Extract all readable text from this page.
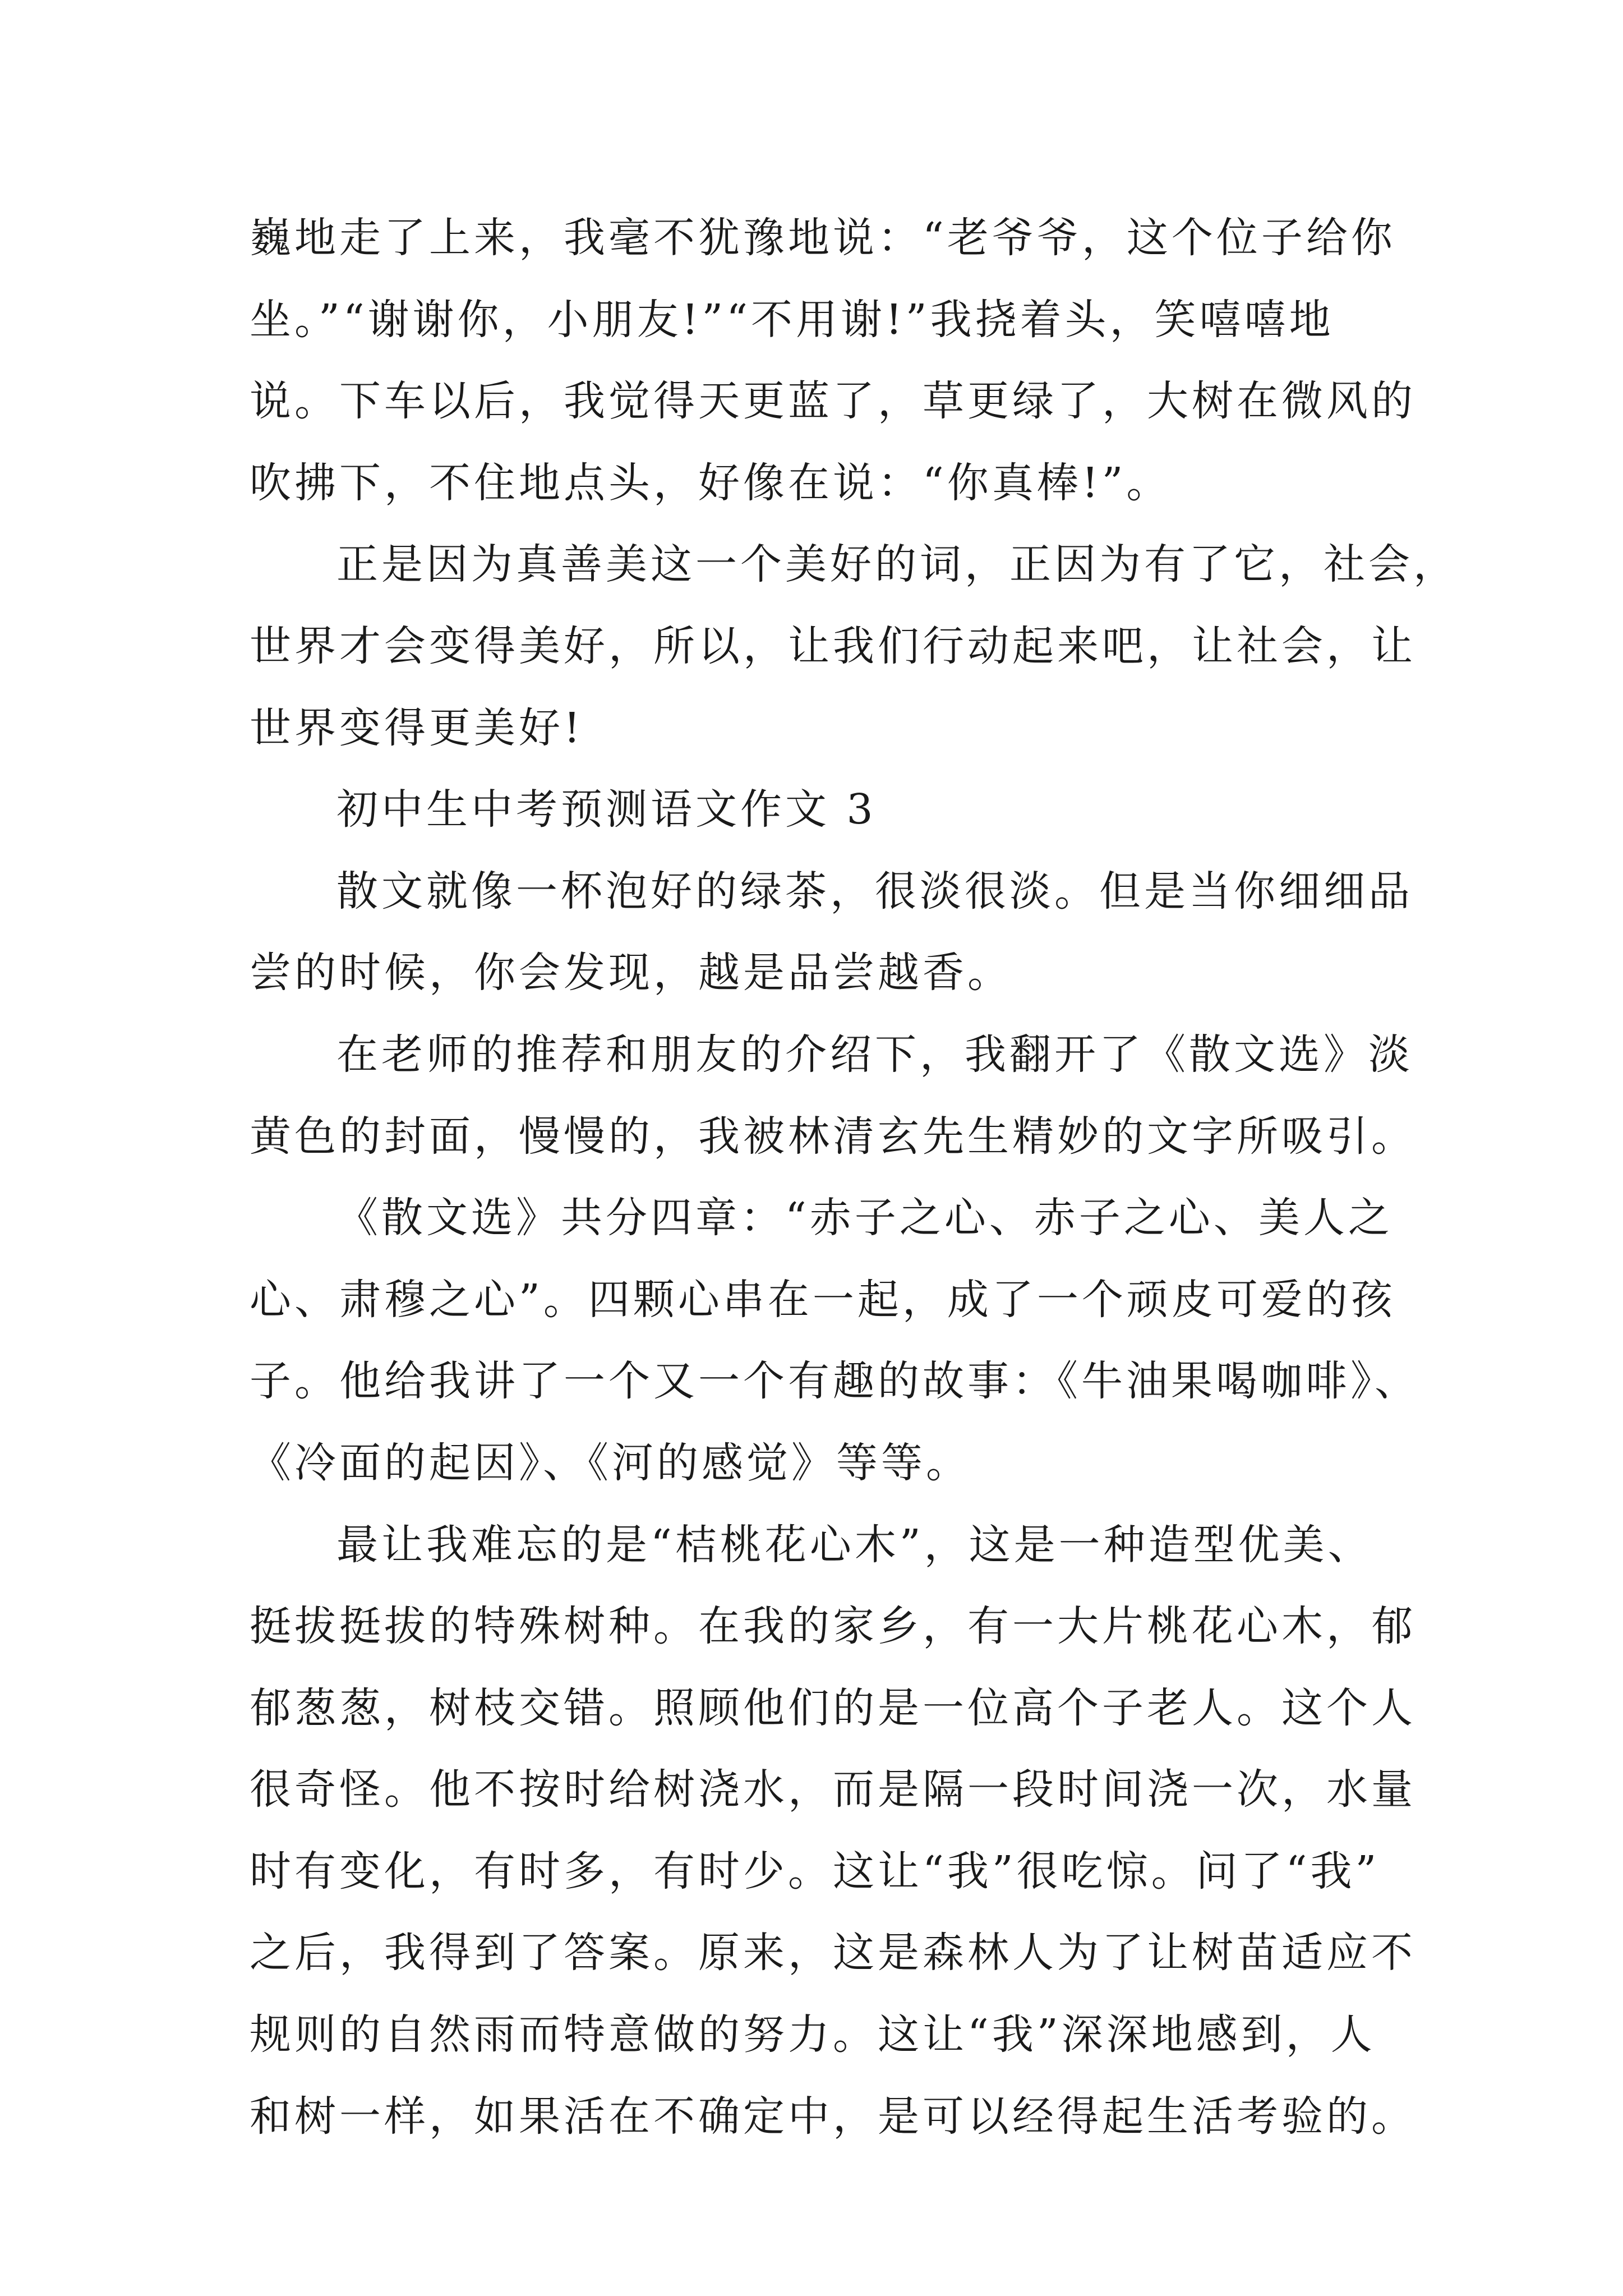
巍地走了上来，我毫不犹豫地说：“老爷爷，这个位子给你
坐。”“谢谢你，小朋友!”“不用谢!”我挠着头，笑嘻嘻地
说。下车以后，我觉得天更蓝了，草更绿了，大树在微风的
吹拂下，不住地点头，好像在说：“你真棒!”。
正是因为真善美这一个美好的词，正因为有了它，社会，
世界才会变得美好，所以，让我们行动起来吧，让社会，让
世界变得更美好!
初中生中考预测语文作文 3
散文就像一杯泡好的绿茶，很淡很淡。但是当你细细品
尝的时候，你会发现，越是品尝越香。
在老师的推荐和朋友的介绍下，我翻开了《散文选》淡
黄色的封面，慢慢的，我被林清玄先生精妙的文字所吸引。
《散文选》共分四章：“赤子之心、赤子之心、美人之
心、肃穆之心”。四颗心串在一起，成了一个顽皮可爱的孩
子。他给我讲了一个又一个有趣的故事：《牛油果喝咖啡》、
《冷面的起因》、《河的感觉》等等。
最让我难忘的是“桔桃花心木”，这是一种造型优美、
挺拔挺拔的特殊树种。在我的家乡，有一大片桃花心木，郁
郁葱葱，树枝交错。照顾他们的是一位高个子老人。这个人
很奇怪。他不按时给树浇水，而是隔一段时间浇一次，水量
时有变化，有时多，有时少。这让“我”很吃惊。问了“我”
之后，我得到了答案。原来，这是森林人为了让树苗适应不
规则的自然雨而特意做的努力。这让“我”深深地感到，人
和树一样，如果活在不确定中，是可以经得起生活考验的。
